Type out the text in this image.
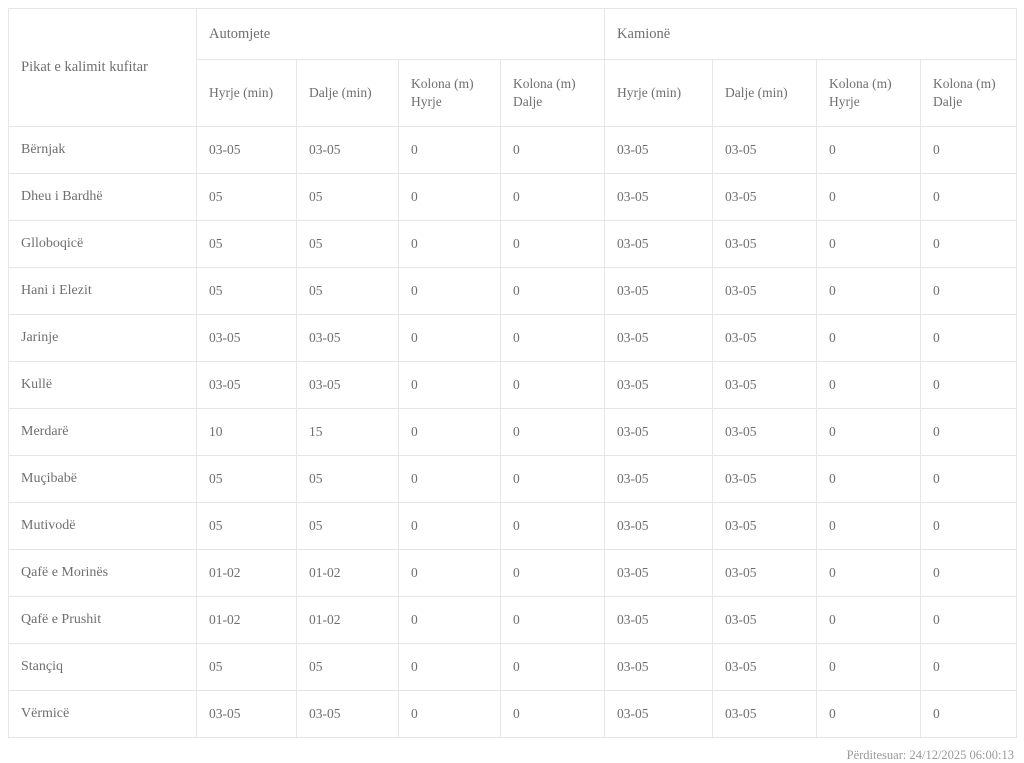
Pikat e kalimit kufitar	Automjete				Kamionë			
	Hyrje (min)	Dalje (min)	Kolona (m) Hyrje	Kolona (m) Dalje	Hyrje (min)	Dalje (min)	Kolona (m) Hyrje	Kolona (m) Dalje
Bërnjak	03-05	03-05	0	0	03-05	03-05	0	0
Dheu i Bardhë	05	05	0	0	03-05	03-05	0	0
Glloboqicë	05	05	0	0	03-05	03-05	0	0
Hani i Elezit	05	05	0	0	03-05	03-05	0	0
Jarinje	03-05	03-05	0	0	03-05	03-05	0	0
Kullë	03-05	03-05	0	0	03-05	03-05	0	0
Merdarë	10	15	0	0	03-05	03-05	0	0
Muçibabë	05	05	0	0	03-05	03-05	0	0
Mutivodë	05	05	0	0	03-05	03-05	0	0
Qafë e Morinës	01-02	01-02	0	0	03-05	03-05	0	0
Qafë e Prushit	01-02	01-02	0	0	03-05	03-05	0	0
Stançiq	05	05	0	0	03-05	03-05	0	0
Vërmicë	03-05	03-05	0	0	03-05	03-05	0	0
Përditesuar: 24/12/2025 06:00:13
